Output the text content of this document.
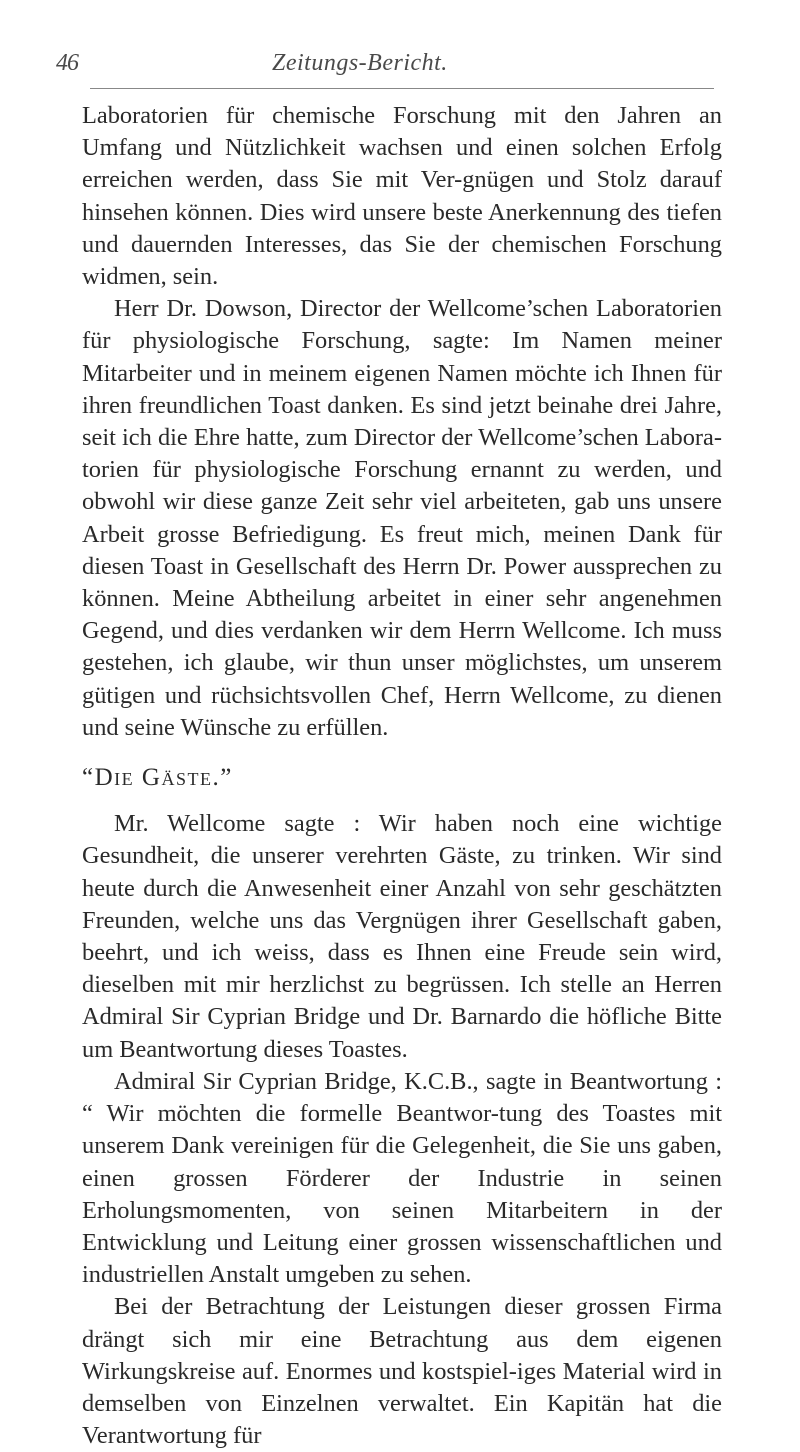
46	Zeitungs-Bericht.

Laboratorien für chemische Forschung mit den Jahren an Umfang und Nützlichkeit wachsen und einen solchen Erfolg erreichen werden, dass Sie mit Ver-gnügen und Stolz darauf hinsehen können. Dies wird unsere beste Anerkennung des tiefen und dauernden Interesses, das Sie der chemischen Forschung widmen, sein.

Herr Dr. Dowson, Director der Wellcome’schen Laboratorien für physiologische Forschung, sagte: Im Namen meiner Mitarbeiter und in meinem eigenen Namen möchte ich Ihnen für ihren freundlichen Toast danken. Es sind jetzt beinahe drei Jahre, seit ich die Ehre hatte, zum Director der Wellcome’schen Labora-torien für physiologische Forschung ernannt zu werden, und obwohl wir diese ganze Zeit sehr viel arbeiteten, gab uns unsere Arbeit grosse Befriedigung. Es freut mich, meinen Dank für diesen Toast in Gesellschaft des Herrn Dr. Power aussprechen zu können. Meine Abtheilung arbeitet in einer sehr angenehmen Gegend, und dies verdanken wir dem Herrn Wellcome. Ich muss gestehen, ich glaube, wir thun unser möglichstes, um unserem gütigen und rüchsichtsvollen Chef, Herrn Wellcome, zu dienen und seine Wünsche zu erfüllen.

“Die Gäste.”

Mr. Wellcome sagte : Wir haben noch eine wichtige Gesundheit, die unserer verehrten Gäste, zu trinken. Wir sind heute durch die Anwesenheit einer Anzahl von sehr geschätzten Freunden, welche uns das Vergnügen ihrer Gesellschaft gaben, beehrt, und ich weiss, dass es Ihnen eine Freude sein wird, dieselben mit mir herzlichst zu begrüssen. Ich stelle an Herren Admiral Sir Cyprian Bridge und Dr. Barnardo die höfliche Bitte um Beantwortung dieses Toastes.

Admiral Sir Cyprian Bridge, K.C.B., sagte in Beantwortung : “ Wir möchten die formelle Beantwor-tung des Toastes mit unserem Dank vereinigen für die Gelegenheit, die Sie uns gaben, einen grossen Förderer der Industrie in seinen Erholungsmomenten, von seinen Mitarbeitern in der Entwicklung und Leitung einer grossen wissenschaftlichen und industriellen Anstalt umgeben zu sehen.

Bei der Betrachtung der Leistungen dieser grossen Firma drängt sich mir eine Betrachtung aus dem eigenen Wirkungskreise auf. Enormes und kostspiel-iges Material wird in demselben von Einzelnen verwaltet. Ein Kapitän hat die Verantwortung für
